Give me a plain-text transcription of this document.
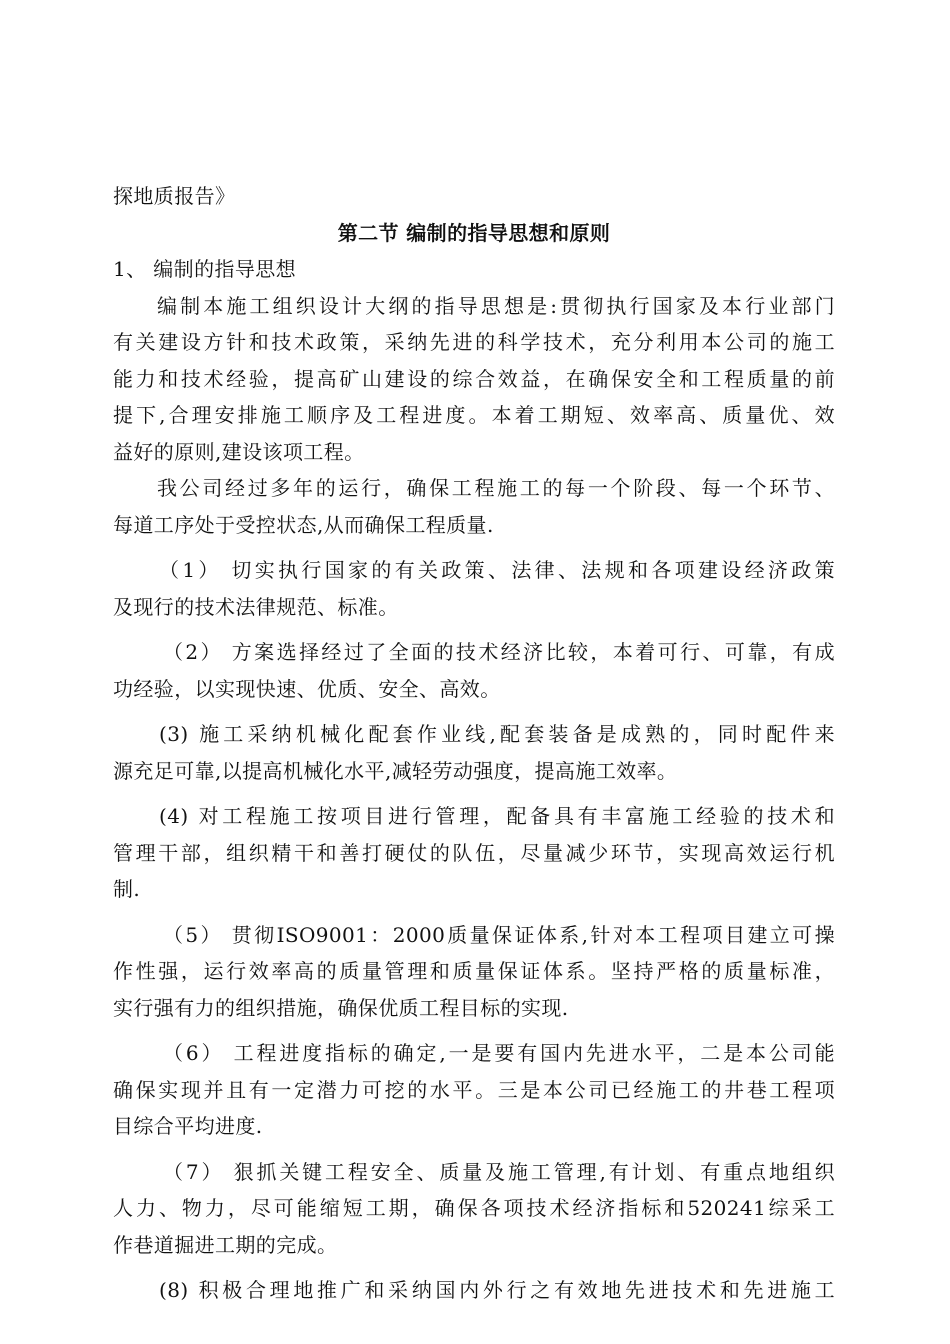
探地质报告》
第二节 编制的指导思想和原则
1、 编制的指导思想
编制本施工组织设计大纲的指导思想是:贯彻执行国家及本行业部门
有关建设方针和技术政策，采纳先进的科学技术，充分利用本公司的施工
能力和技术经验，提高矿山建设的综合效益，在确保安全和工程质量的前
提下,合理安排施工顺序及工程进度。本着工期短、效率高、质量优、效
益好的原则,建设该项工程。
我公司经过多年的运行，确保工程施工的每一个阶段、每一个环节、
每道工序处于受控状态,从而确保工程质量.
（1） 切实执行国家的有关政策、法律、法规和各项建设经济政策
及现行的技术法律规范、标准。
（2） 方案选择经过了全面的技术经济比较，本着可行、可靠，有成
功经验，以实现快速、优质、安全、高效。
(3) 施工采纳机械化配套作业线,配套装备是成熟的，同时配件来
源充足可靠,以提高机械化水平,减轻劳动强度，提高施工效率。
(4) 对工程施工按项目进行管理，配备具有丰富施工经验的技术和
管理干部，组织精干和善打硬仗的队伍，尽量减少环节，实现高效运行机
制.
（5） 贯彻ISO9001：2000质量保证体系,针对本工程项目建立可操
作性强，运行效率高的质量管理和质量保证体系。坚持严格的质量标准，
实行强有力的组织措施，确保优质工程目标的实现.
（6） 工程进度指标的确定,一是要有国内先进水平，二是本公司能
确保实现并且有一定潜力可挖的水平。三是本公司已经施工的井巷工程项
目综合平均进度.
（7） 狠抓关键工程安全、质量及施工管理,有计划、有重点地组织
人力、物力，尽可能缩短工期，确保各项技术经济指标和520241综采工
作巷道掘进工期的完成。
(8) 积极合理地推广和采纳国内外行之有效地先进技术和先进施工
